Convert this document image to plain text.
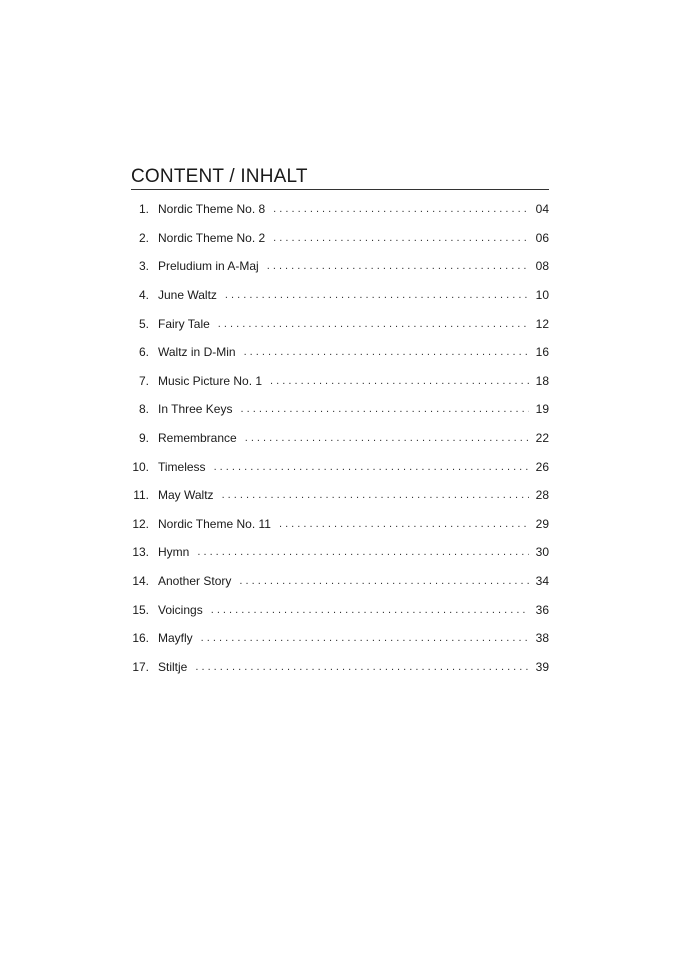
CONTENT / INHALT
1. Nordic Theme No. 8 . . .	04
2. Nordic Theme No. 2 . . .	06
3. Preludium in A-Maj . . .	08
4. June Waltz . . .	10
5. Fairy Tale . . .	12
6. Waltz in D-Min . . .	16
7. Music Picture No. 1 . . .	18
8. In Three Keys . . .	19
9. Remembrance . . .	22
10. Timeless . . .	26
11. May Waltz . . .	28
12. Nordic Theme No. 11 . . .	29
13. Hymn . . .	30
14. Another Story . . .	34
15. Voicings . . .	36
16. Mayfly . . .	38
17. Stiltje . . .	39
